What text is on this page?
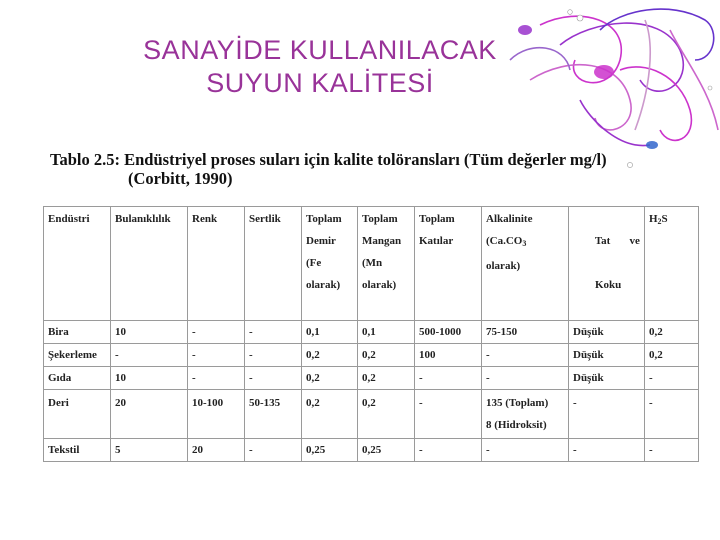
SANAYİDE KULLANILACAK
SUYUN KALİTESİ
Tablo 2.5: Endüstriyel proses suları için kalite tolöransları (Tüm değerler mg/l)
(Corbitt, 1990)
Endüstri	Bulanıklılık	Renk	Sertlik	Toplam
Demir
(Fe
olarak)	Toplam
Mangan
(Mn
olarak)	Toplam
Katılar	Alkalinite
($Ca.CO_3$
olarak)	Tat       ve

Koku	$H_2S$
Bira	10	-	-	0,1	0,1	500-1000	75-150	Düşük	0,2
Şekerleme	-	-	-	0,2	0,2	100	-	Düşük	0,2
Gıda	10	-	-	0,2	0,2	-	-	Düşük	-
Deri	20	10-100	50-135	0,2	0,2	-	135 (Toplam)
8 (Hidroksit)	-	-
Tekstil	5	20	-	0,25	0,25	-	-	-	-
